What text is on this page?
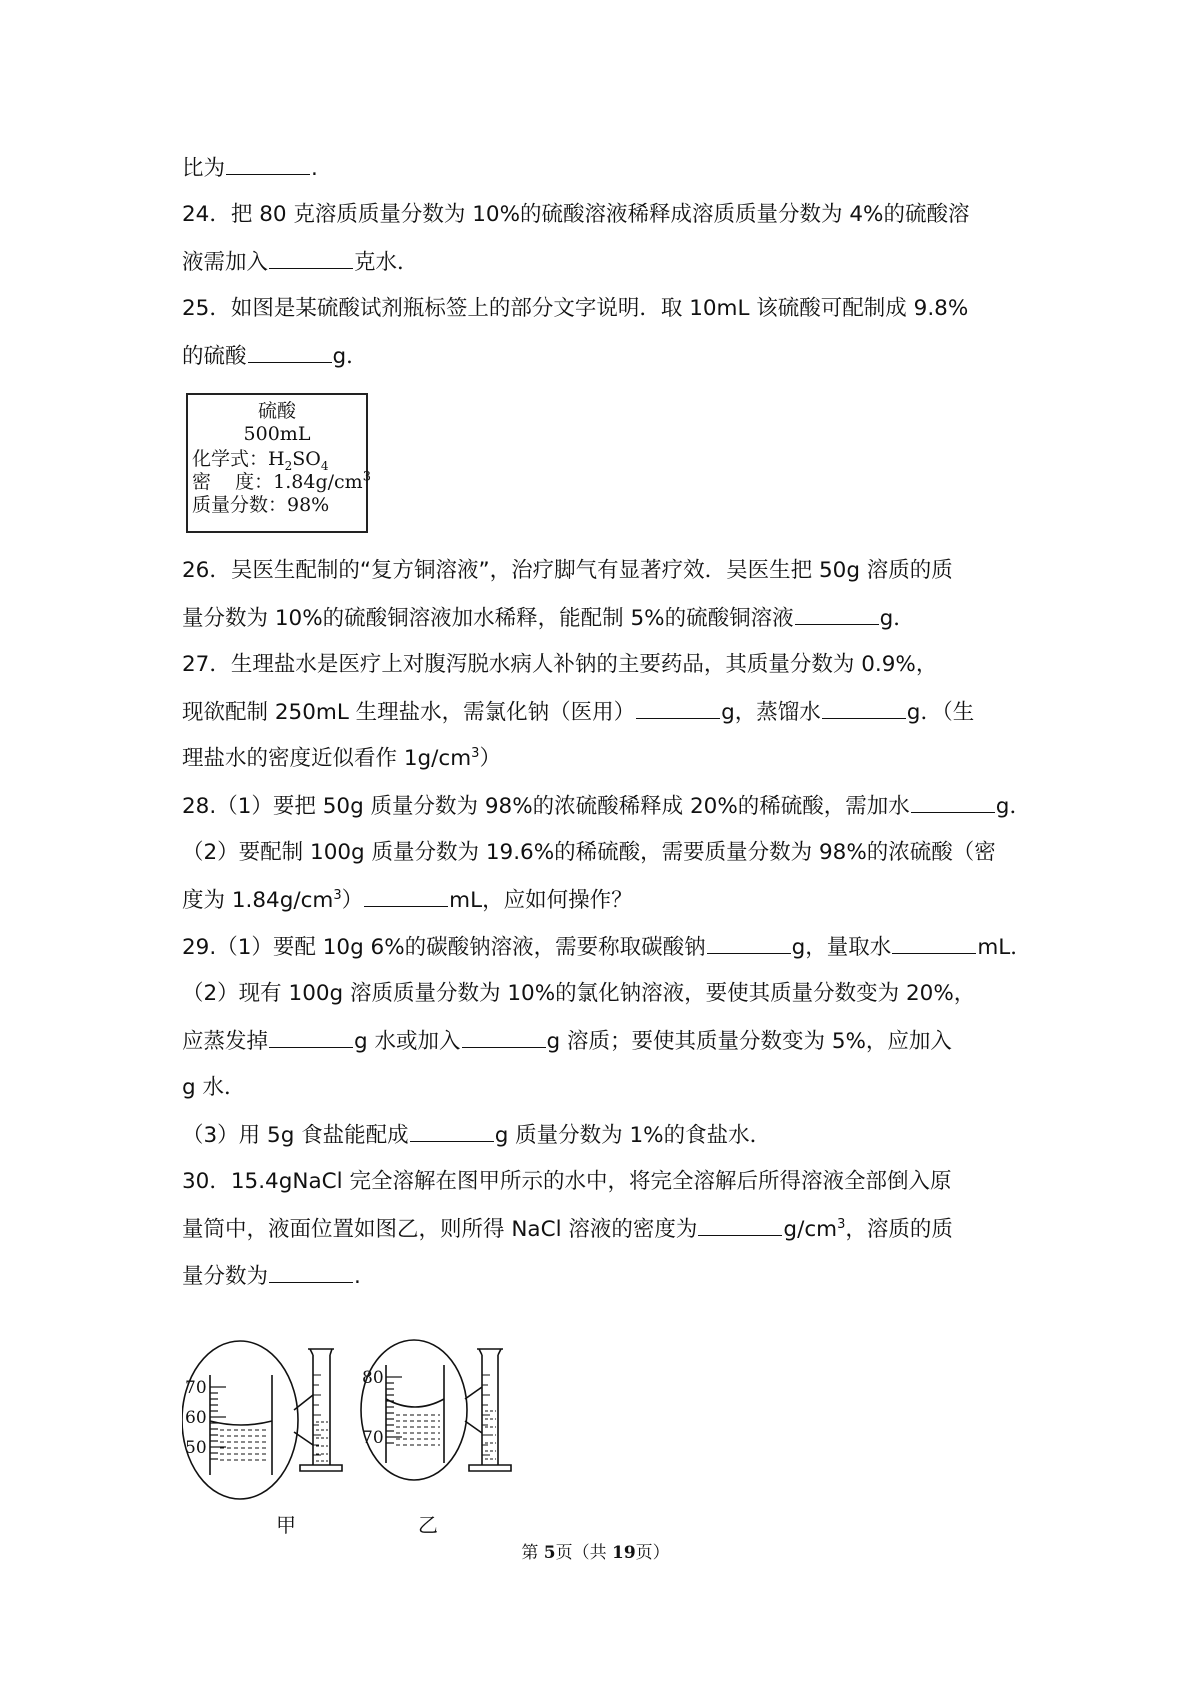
比为	.
24．把 80 克溶质质量分数为 10%的硫酸溶液稀释成溶质质量分数为 4%的硫酸溶
液需加入	克水．
25．如图是某硫酸试剂瓶标签上的部分文字说明．取 10mL 该硫酸可配制成 9.8%
的硫酸	g．
硫酸
500mL
化学式：$H_2SO_4$
密    度：$1.84g/cm^3$
质量分数：98%
26．吴医生配制的“复方铜溶液”，治疗脚气有显著疗效．吴医生把 50g 溶质的质
量分数为 10%的硫酸铜溶液加水稀释，能配制 5%的硫酸铜溶液	g．
27．生理盐水是医疗上对腹泻脱水病人补钠的主要药品，其质量分数为 0.9%，
现欲配制 250mL 生理盐水，需氯化钠（医用）	g，蒸馏水	g．（生
理盐水的密度近似看作 $1g/cm^3$）
28.（1）要把 50g 质量分数为 98%的浓硫酸稀释成 20%的稀硫酸，需加水	g．
（2）要配制 100g 质量分数为 19.6%的稀硫酸，需要质量分数为 98%的浓硫酸（密
度为 $1.84g/cm^3$）	mL，应如何操作？
29.（1）要配 10g 6%的碳酸钠溶液，需要称取碳酸钠	g，量取水	mL．
（2）现有 100g 溶质质量分数为 10%的氯化钠溶液，要使其质量分数变为 20%，
应蒸发掉	g 水或加入	g 溶质；要使其质量分数变为 5%，应加入
g 水．
（3）用 5g 食盐能配成	g 质量分数为 1%的食盐水．
30．15.4gNaCl 完全溶解在图甲所示的水中，将完全溶解后所得溶液全部倒入原
量筒中，液面位置如图乙，则所得 NaCl 溶液的密度为	$g/cm^3$，溶质的质
量分数为	.
70
60
50
甲
80
70
乙
第 5页（共 19页）
